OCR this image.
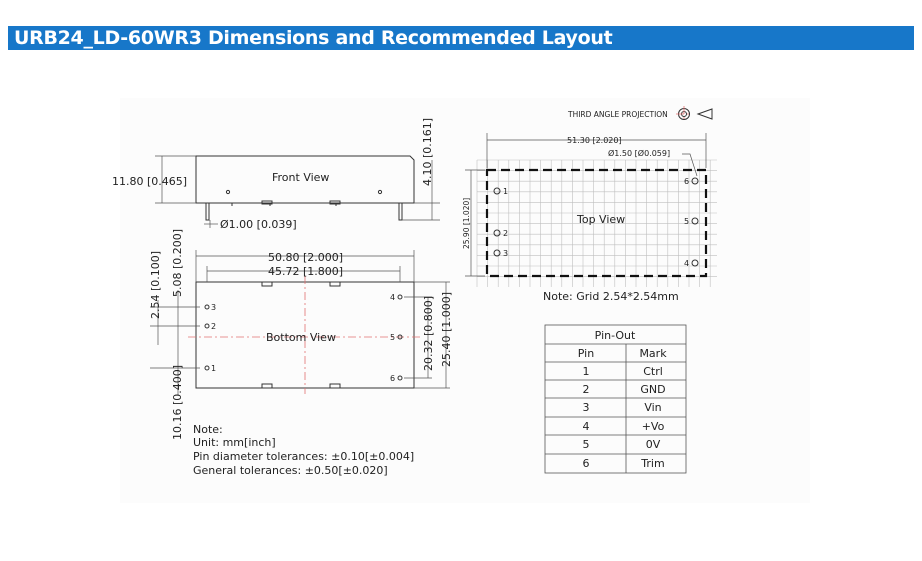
URB24_LD-60WR3 Dimensions and Recommended Layout
THIRD ANGLE PROJECTION
Front View
11.80 [0.465]	4.10 [0.161]
Ø1.00 [0.039]
50.80 [2.000]
45.72 [1.800]
Bottom View
2.54 [0.100] 5.08 [0.200]
10.16 [0.400]
20.32 [0.800] 25.40 [1.000]
3
2
1
4
5
6
51.30 [2.020]
Ø1.50 [Ø0.059]
25.90 [1.020]	Top View
1
2
3
4
5
6
Note: Grid 2.54*2.54mm
Note:
Unit: mm[inch]
Pin diameter tolerances: ±0.10[±0.004]
General tolerances: ±0.50[±0.020]
Pin-Out
Pin	Mark
1	Ctrl
2	GND
3	Vin
4	+Vo
5	0V
6	Trim
